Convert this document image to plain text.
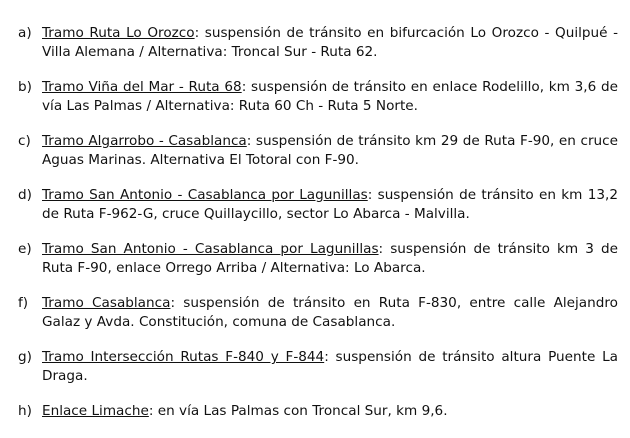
a) Tramo Ruta Lo Orozco: suspensión de tránsito en bifurcación Lo Orozco - Quilpué - Villa Alemana / Alternativa: Troncal Sur - Ruta 62.
b) Tramo Viña del Mar - Ruta 68: suspensión de tránsito en enlace Rodelillo, km 3,6 de vía Las Palmas / Alternativa: Ruta 60 Ch - Ruta 5 Norte.
c) Tramo Algarrobo - Casablanca: suspensión de tránsito km 29 de Ruta F-90, en cruce Aguas Marinas. Alternativa El Totoral con F-90.
d) Tramo San Antonio - Casablanca por Lagunillas: suspensión de tránsito en km 13,2 de Ruta F-962-G, cruce Quillaycillo, sector Lo Abarca - Malvilla.
e) Tramo San Antonio - Casablanca por Lagunillas: suspensión de tránsito km 3 de Ruta F-90, enlace Orrego Arriba / Alternativa: Lo Abarca.
f)	Tramo Casablanca: suspensión de tránsito en Ruta F-830, entre calle Alejandro Galaz y Avda. Constitución, comuna de Casablanca.
g) Tramo Intersección Rutas F-840 y F-844: suspensión de tránsito altura Puente La Draga.
h) Enlace Limache: en vía Las Palmas con Troncal Sur, km 9,6.
